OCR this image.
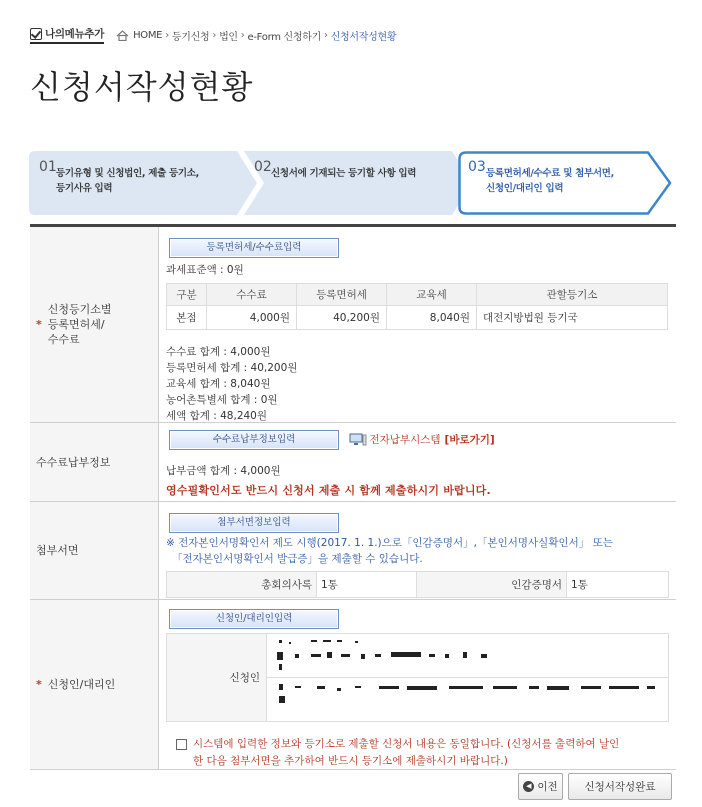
나의메뉴추가	HOME › 등기신청 › 법인 › e-Form 신청하기 › 신청서작성현황
신청서작성현황
01 등기유형 및 신청법인, 제출 등기소,
등기사유 입력
02 신청서에 기재되는 등기할 사항 입력	03 등록면허세/수수료 및 첨부서면,
신청인/대리인 입력
*
신청등기소별
등록면허세/
수수료
등록면허세/수수료입력
과세표준액 : 0원
구분	수수료	등록면허세	교육세	관할등기소
본점	4,000원	40,200원	8,040원	대전지방법원 등기국
수수료 합계 : 4,000원
등록면허세 합계 : 40,200원
교육세 합계 : 8,040원
농어촌특별세 합계 : 0원
세액 합계 : 48,240원
수수료납부정보
수수료납부정보입력	전자납부시스템 [바로가기]
납부금액 합계 : 4,000원
영수필확인서도 반드시 신청서 제출 시 함께 제출하시기 바랍니다.
첨부서면
첨부서면정보입력
※ 전자본인서명확인서 제도 시행(2017. 1. 1.)으로「인감증명서」,「본인서명사실확인서」 또는
「전자본인서명확인서 발급증」을 제출할 수 있습니다.
총회의사록	1통	인감증명서	1통
* 신청인/대리인
신청인/대리인입력
신청인	

시스템에 입력한 정보와 등기소로 제출할 신청서 내용은 동일합니다. (신청서를 출력하여 날인
한 다음 첨부서면을 추가하여 반드시 등기소에 제출하시기 바랍니다.)
◀ 이전	신청서작성완료
